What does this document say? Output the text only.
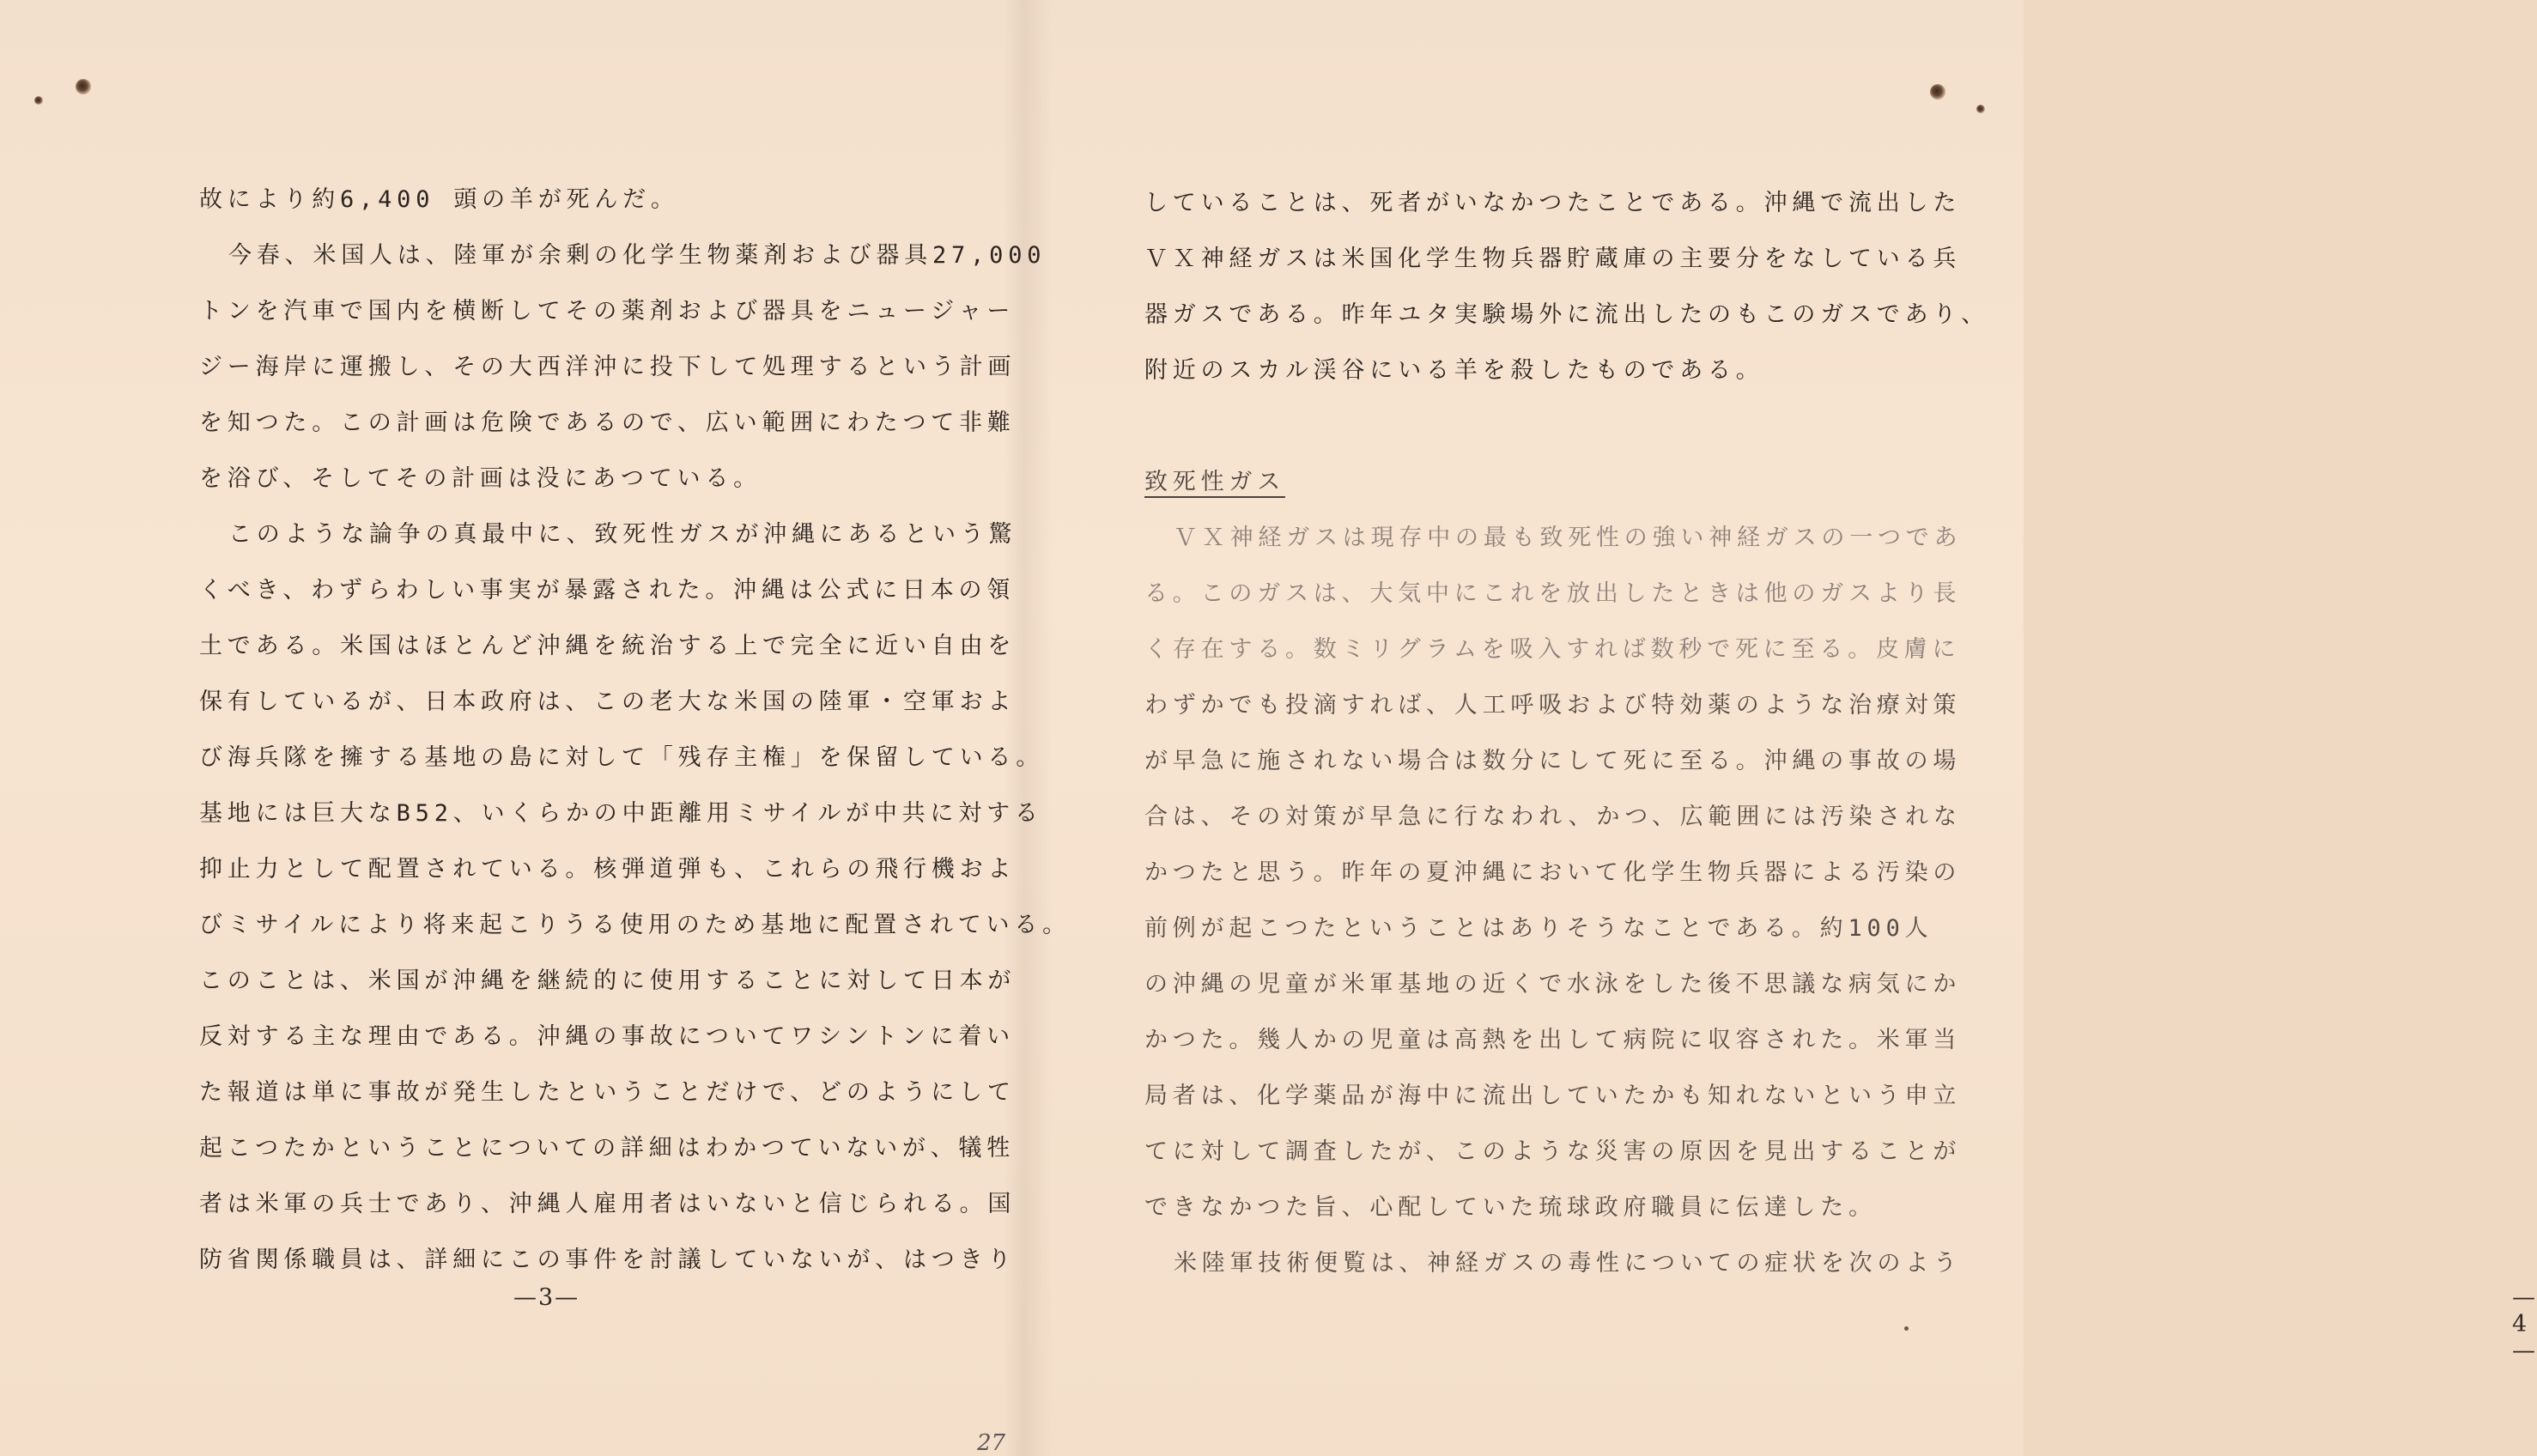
故により約6,400 頭の羊が死んだ。
今春、米国人は、陸軍が余剰の化学生物薬剤および器具27,000
トンを汽車で国内を横断してその薬剤および器具をニュージャー
ジー海岸に運搬し、その大西洋沖に投下して処理するという計画
を知つた。この計画は危険であるので、広い範囲にわたつて非難
を浴び、そしてその計画は没にあつている。
このような論争の真最中に、致死性ガスが沖縄にあるという驚
くべき、わずらわしい事実が暴露された。沖縄は公式に日本の領
土である。米国はほとんど沖縄を統治する上で完全に近い自由を
保有しているが、日本政府は、この老大な米国の陸軍・空軍およ
び海兵隊を擁する基地の島に対して「残存主権」を保留している。
基地には巨大なB52、いくらかの中距離用ミサイルが中共に対する
抑止力として配置されている。核弾道弾も、これらの飛行機およ
びミサイルにより将来起こりうる使用のため基地に配置されている。
このことは、米国が沖縄を継続的に使用することに対して日本が
反対する主な理由である。沖縄の事故についてワシントンに着い
た報道は単に事故が発生したということだけで、どのようにして
起こつたかということについての詳細はわかつていないが、犠牲
者は米軍の兵士であり、沖縄人雇用者はいないと信じられる。国
防省関係職員は、詳細にこの事件を討議していないが、はつきり
—3—
していることは、死者がいなかつたことである。沖縄で流出した
ＶＸ神経ガスは米国化学生物兵器貯蔵庫の主要分をなしている兵
器ガスである。昨年ユタ実験場外に流出したのもこのガスであり、
附近のスカル渓谷にいる羊を殺したものである。
致死性ガス
ＶＸ神経ガスは現存中の最も致死性の強い神経ガスの一つであ
る。このガスは、大気中にこれを放出したときは他のガスより長
く存在する。数ミリグラムを吸入すれば数秒で死に至る。皮膚に
わずかでも投滴すれば、人工呼吸および特効薬のような治療対策
が早急に施されない場合は数分にして死に至る。沖縄の事故の場
合は、その対策が早急に行なわれ、かつ、広範囲には汚染されな
かつたと思う。昨年の夏沖縄において化学生物兵器による汚染の
前例が起こつたということはありそうなことである。約100人
の沖縄の児童が米軍基地の近くで水泳をした後不思議な病気にか
かつた。幾人かの児童は高熱を出して病院に収容された。米軍当
局者は、化学薬品が海中に流出していたかも知れないという申立
てに対して調査したが、このような災害の原因を見出することが
できなかつた旨、心配していた琉球政府職員に伝達した。
米陸軍技術便覧は、神経ガスの毒性についての症状を次のよう
—4—
27
